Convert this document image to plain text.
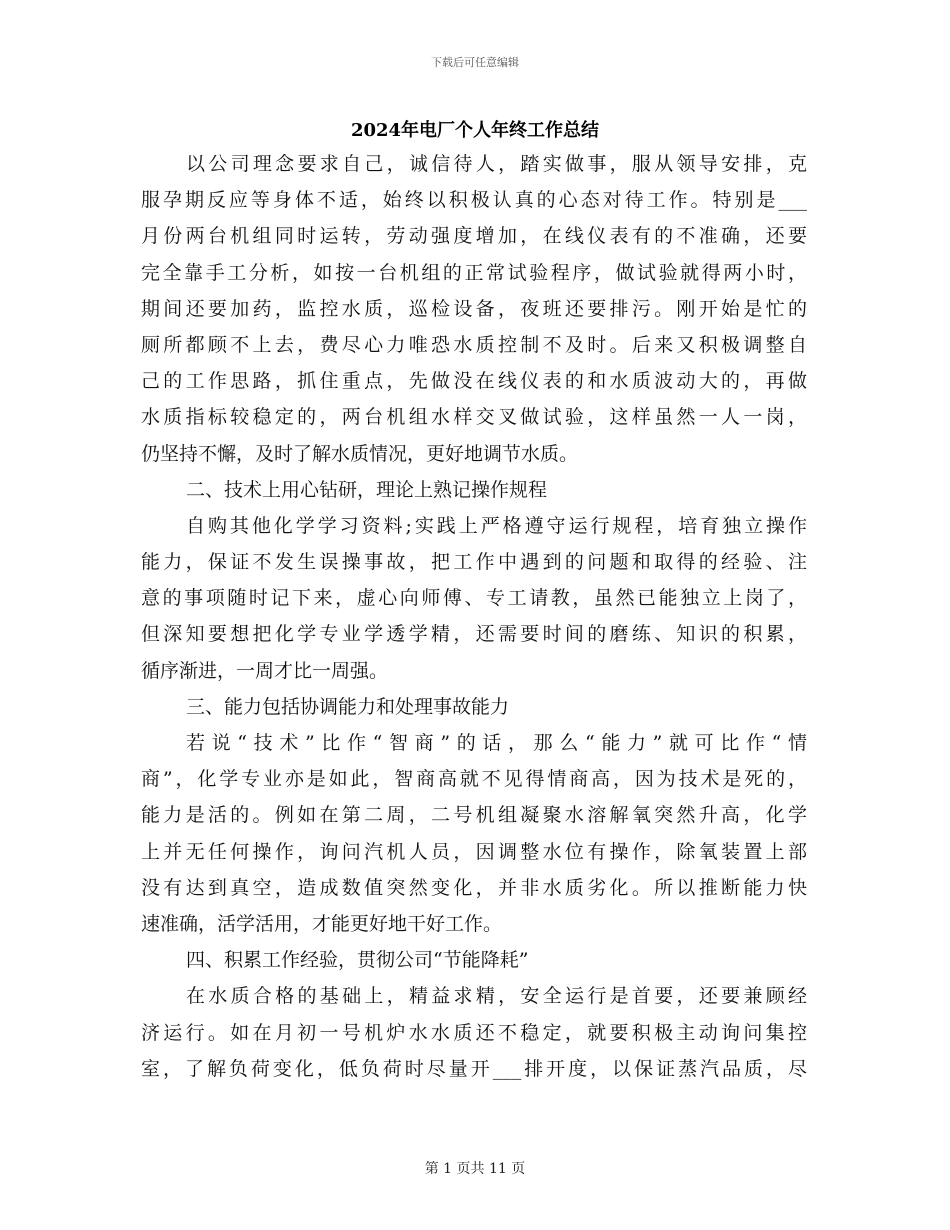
下载后可任意编辑
2024年电厂个人年终工作总结
以公司理念要求自己，诚信待人，踏实做事，服从领导安排，克
服孕期反应等身体不适，始终以积极认真的心态对待工作。特别是___
月份两台机组同时运转，劳动强度增加，在线仪表有的不准确，还要
完全靠手工分析，如按一台机组的正常试验程序，做试验就得两小时，
期间还要加药，监控水质，巡检设备，夜班还要排污。刚开始是忙的
厕所都顾不上去，费尽心力唯恐水质控制不及时。后来又积极调整自
己的工作思路，抓住重点，先做没在线仪表的和水质波动大的，再做
水质指标较稳定的，两台机组水样交叉做试验，这样虽然一人一岗，
仍坚持不懈，及时了解水质情况，更好地调节水质。
二、技术上用心钻研，理论上熟记操作规程
自购其他化学学习资料;实践上严格遵守运行规程，培育独立操作
能力，保证不发生误操事故，把工作中遇到的问题和取得的经验、注
意的事项随时记下来，虚心向师傅、专工请教，虽然已能独立上岗了，
但深知要想把化学专业学透学精，还需要时间的磨练、知识的积累，
循序渐进，一周才比一周强。
三、能力包括协调能力和处理事故能力
若说“技术”比作“智商”的话，那么“能力”就可比作“情
商”，化学专业亦是如此，智商高就不见得情商高，因为技术是死的，
能力是活的。例如在第二周，二号机组凝聚水溶解氧突然升高，化学
上并无任何操作，询问汽机人员，因调整水位有操作，除氧装置上部
没有达到真空，造成数值突然变化，并非水质劣化。所以推断能力快
速准确，活学活用，才能更好地干好工作。
四、积累工作经验，贯彻公司“节能降耗”
在水质合格的基础上，精益求精，安全运行是首要，还要兼顾经
济运行。如在月初一号机炉水水质还不稳定，就要积极主动询问集控
室，了解负荷变化，低负荷时尽量开___排开度，以保证蒸汽品质，尽
第 1 页共 11 页
